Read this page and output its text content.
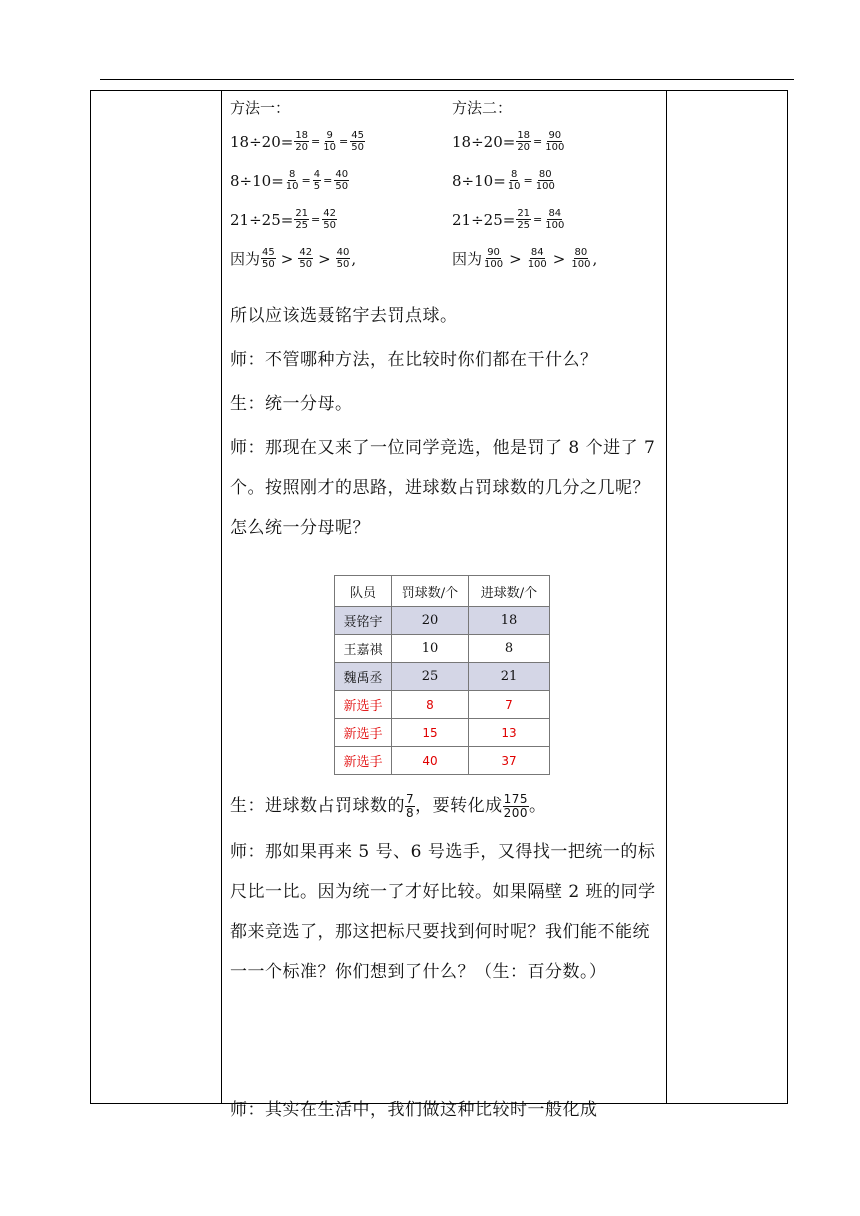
方法一：
$18\div 20= \frac{18}{20} = \frac{9}{10} = \frac{45}{50}$
$8\div 10= \frac{8}{10} = \frac{4}{5} = \frac{40}{50}$
$21\div 25= \frac{21}{25} = \frac{42}{50}$
因为 $\frac{45}{50} > \frac{42}{50} > \frac{40}{50}$ ,
方法二：
$18\div 20= \frac{18}{20} = \frac{90}{100}$
$8\div 10= \frac{8}{10} = \frac{80}{100}$
$21\div 25= \frac{21}{25} = \frac{84}{100}$
因为 $\frac{90}{100} > \frac{84}{100} > \frac{80}{100}$ ,
所以应该选聂铭宇去罚点球。
师：不管哪种方法，在比较时你们都在干什么？
生：统一分母。
师：那现在又来了一位同学竞选，他是罚了 8 个进了 7 个。按照刚才的思路，进球数占罚球数的几分之几呢？怎么统一分母呢？
队员	罚球数/个	进球数/个
聂铭宇	20	18
王嘉祺	10	8
魏禹丞	25	21
新选手	8	7
新选手	15	13
新选手	40	37
生：进球数占罚球数的 $\frac{7}{8}$ ，要转化成 $\frac{175}{200}$ 。
师：那如果再来 5 号、6 号选手，又得找一把统一的标尺比一比。因为统一了才好比较。如果隔壁 2 班的同学都来竞选了，那这把标尺要找到何时呢？我们能不能统一一个标准？你们想到了什么？（生：百分数。）
师：其实在生活中，我们做这种比较时一般化成
